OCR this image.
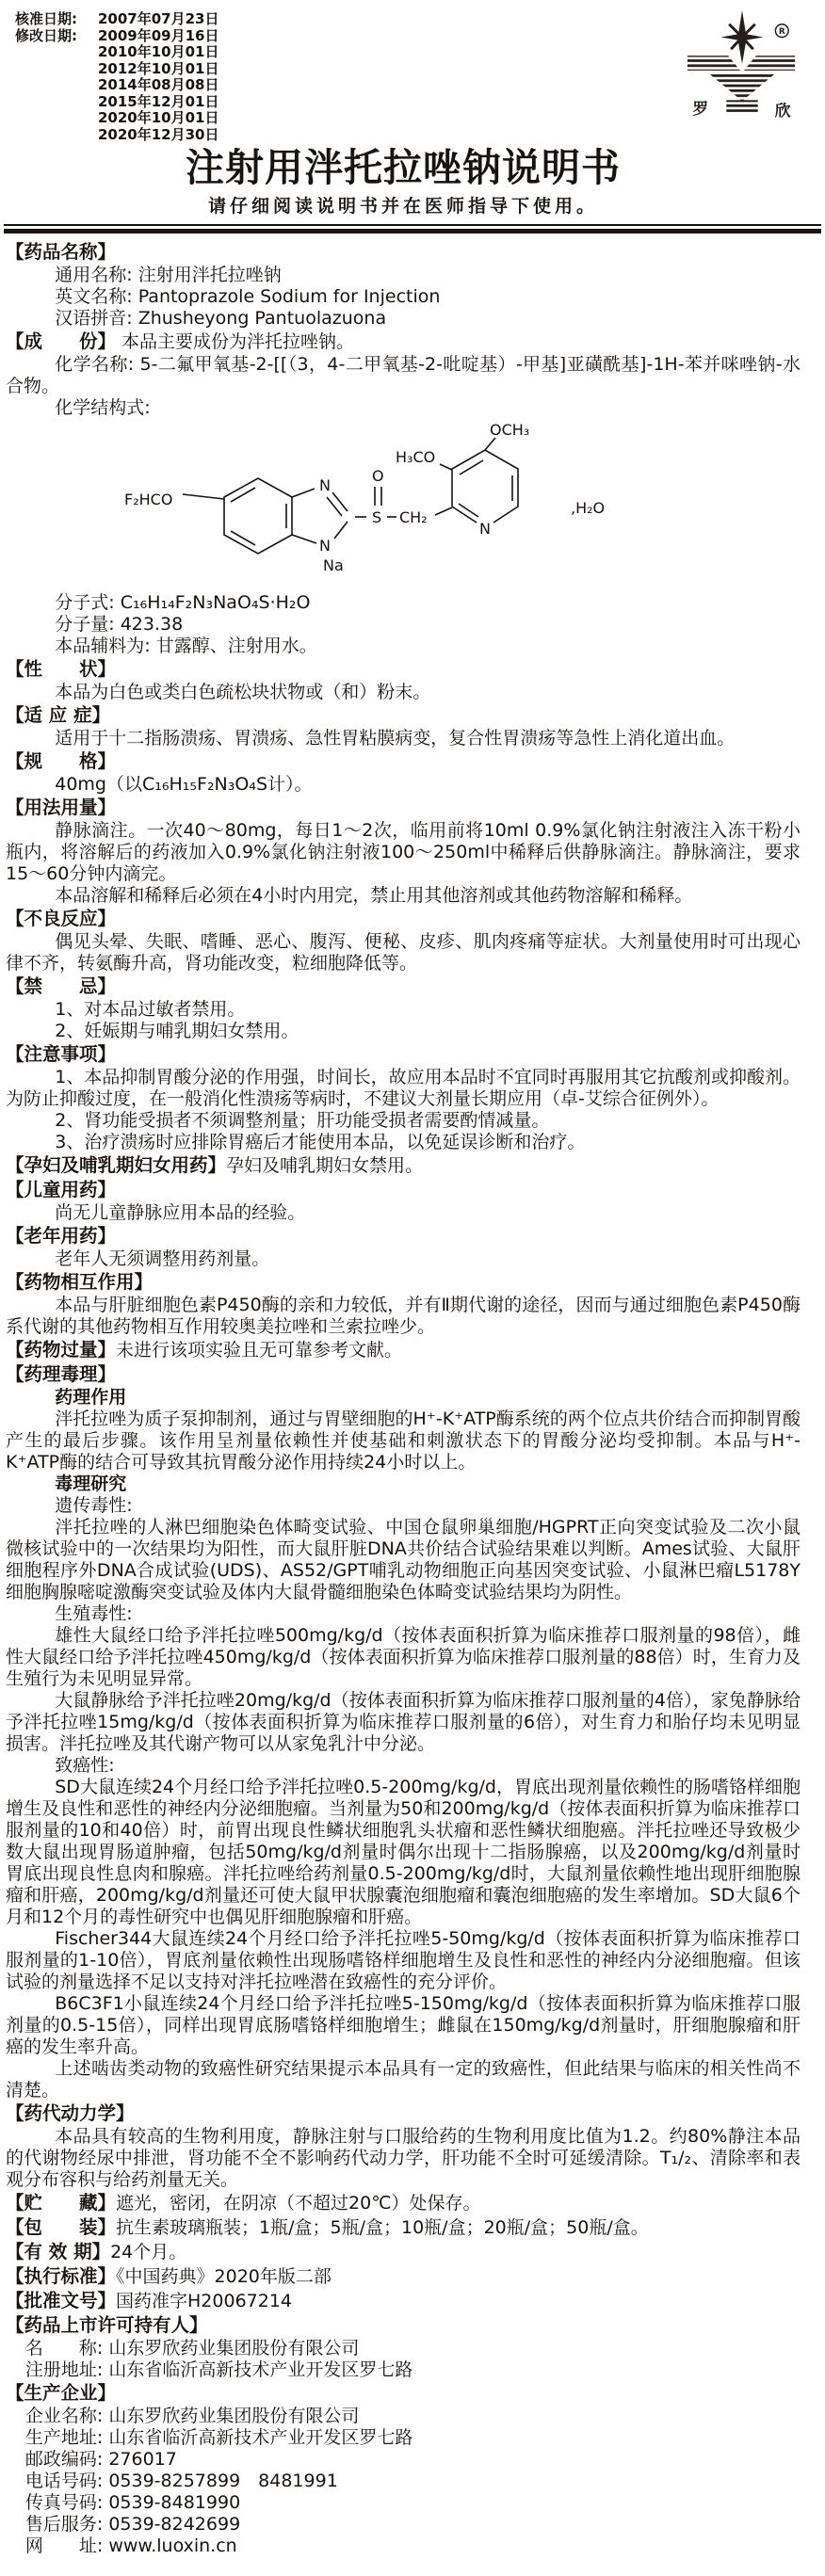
核准日期:	2007年07月23日
修改日期:	2009年09月16日
2010年10月01日
2012年10月01日
2014年08月08日
2015年12月01日
2020年10月01日
2020年12月30日
R
罗	欣
注射用泮托拉唑钠说明书
请仔细阅读说明书并在医师指导下使用。
【药品名称】

通用名称: 注射用泮托拉唑钠

英文名称: Pantoprazole Sodium for Injection

汉语拼音: Zhusheyong Pantuolazuona

【成　　份】 本品主要成份为泮托拉唑钠。

化学名称: 5-二氟甲氧基-2-[[（3，4-二甲氧基-2-吡啶基）-甲基]亚磺酰基]-1H-苯并咪唑钠-水合物。

化学结构式:

F₂HCO
N
N
Na
S
O
CH₂
N
H₃CO
OCH₃
,H₂O

分子式: C₁₆H₁₄F₂N₃NaO₄S·H₂O

分子量: 423.38

本品辅料为: 甘露醇、注射用水。

【性　　状】

本品为白色或类白色疏松块状物或（和）粉末。

【适 应 症】

适用于十二指肠溃疡、胃溃疡、急性胃粘膜病变，复合性胃溃疡等急性上消化道出血。

【规　　格】

40mg（以C₁₆H₁₅F₂N₃O₄S计）。

【用法用量】

静脉滴注。一次40～80mg，每日1～2次，临用前将10ml 0.9%氯化钠注射液注入冻干粉小瓶内，将溶解后的药液加入0.9%氯化钠注射液100～250ml中稀释后供静脉滴注。静脉滴注，要求15～60分钟内滴完。

本品溶解和稀释后必须在4小时内用完，禁止用其他溶剂或其他药物溶解和稀释。

【不良反应】

偶见头晕、失眠、嗜睡、恶心、腹泻、便秘、皮疹、肌肉疼痛等症状。大剂量使用时可出现心律不齐，转氨酶升高，肾功能改变，粒细胞降低等。

【禁　　忌】

1、对本品过敏者禁用。

2、妊娠期与哺乳期妇女禁用。

【注意事项】

1、本品抑制胃酸分泌的作用强，时间长，故应用本品时不宜同时再服用其它抗酸剂或抑酸剂。为防止抑酸过度，在一般消化性溃疡等病时，不建议大剂量长期应用（卓-艾综合征例外）。

2、肾功能受损者不须调整剂量；肝功能受损者需要酌情减量。

3、治疗溃疡时应排除胃癌后才能使用本品，以免延误诊断和治疗。

【孕妇及哺乳期妇女用药】孕妇及哺乳期妇女禁用。
【儿童用药】

尚无儿童静脉应用本品的经验。

【老年用药】

老年人无须调整用药剂量。

【药物相互作用】

本品与肝脏细胞色素P450酶的亲和力较低，并有Ⅱ期代谢的途径，因而与通过细胞色素P450酶系代谢的其他药物相互作用较奥美拉唑和兰索拉唑少。

【药物过量】未进行该项实验且无可靠参考文献。
【药理毒理】

药理作用

泮托拉唑为质子泵抑制剂，通过与胃壁细胞的H⁺-K⁺ATP酶系统的两个位点共价结合而抑制胃酸产生的最后步骤。该作用呈剂量依赖性并使基础和刺激状态下的胃酸分泌均受抑制。本品与H⁺-K⁺ATP酶的结合可导致其抗胃酸分泌作用持续24小时以上。

毒理研究

遗传毒性:

泮托拉唑的人淋巴细胞染色体畸变试验、中国仓鼠卵巢细胞/HGPRT正向突变试验及二次小鼠微核试验中的一次结果均为阳性，而大鼠肝脏DNA共价结合试验结果难以判断。Ames试验、大鼠肝细胞程序外DNA合成试验(UDS)、AS52/GPT哺乳动物细胞正向基因突变试验、小鼠淋巴瘤L5178Y细胞胸腺嘧啶激酶突变试验及体内大鼠骨髓细胞染色体畸变试验结果均为阴性。

生殖毒性:

雄性大鼠经口给予泮托拉唑500mg/kg/d（按体表面积折算为临床推荐口服剂量的98倍），雌性大鼠经口给予泮托拉唑450mg/kg/d（按体表面积折算为临床推荐口服剂量的88倍）时，生育力及生殖行为未见明显异常。

大鼠静脉给予泮托拉唑20mg/kg/d（按体表面积折算为临床推荐口服剂量的4倍），家兔静脉给予泮托拉唑15mg/kg/d（按体表面积折算为临床推荐口服剂量的6倍），对生育力和胎仔均未见明显损害。泮托拉唑及其代谢产物可以从家兔乳汁中分泌。

致癌性:

SD大鼠连续24个月经口给予泮托拉唑0.5-200mg/kg/d，胃底出现剂量依赖性的肠嗜铬样细胞增生及良性和恶性的神经内分泌细胞瘤。当剂量为50和200mg/kg/d（按体表面积折算为临床推荐口服剂量的10和40倍）时，前胃出现良性鳞状细胞乳头状瘤和恶性鳞状细胞癌。泮托拉唑还导致极少数大鼠出现胃肠道肿瘤，包括50mg/kg/d剂量时偶尔出现十二指肠腺癌，以及200mg/kg/d剂量时胃底出现良性息肉和腺癌。泮托拉唑给药剂量0.5-200mg/kg/d时，大鼠剂量依赖性地出现肝细胞腺瘤和肝癌，200mg/kg/d剂量还可使大鼠甲状腺囊泡细胞瘤和囊泡细胞癌的发生率增加。SD大鼠6个月和12个月的毒性研究中也偶见肝细胞腺瘤和肝癌。

Fischer344大鼠连续24个月经口给予泮托拉唑5-50mg/kg/d（按体表面积折算为临床推荐口服剂量的1-10倍），胃底剂量依赖性出现肠嗜铬样细胞增生及良性和恶性的神经内分泌细胞瘤。但该试验的剂量选择不足以支持对泮托拉唑潜在致癌性的充分评价。

B6C3F1小鼠连续24个月经口给予泮托拉唑5-150mg/kg/d（按体表面积折算为临床推荐口服剂量的0.5-15倍），同样出现胃底肠嗜铬样细胞增生；雌鼠在150mg/kg/d剂量时，肝细胞腺瘤和肝癌的发生率升高。

上述啮齿类动物的致癌性研究结果提示本品具有一定的致癌性，但此结果与临床的相关性尚不清楚。

【药代动力学】

本品具有较高的生物利用度，静脉注射与口服给药的生物利用度比值为1.2。约80%静注本品的代谢物经尿中排泄，肾功能不全不影响药代动力学，肝功能不全时可延缓清除。T₁/₂、清除率和表观分布容积与给药剂量无关。

【贮　　藏】遮光，密闭，在阴凉（不超过20℃）处保存。
【包　　装】抗生素玻璃瓶装；1瓶/盒；5瓶/盒；10瓶/盒；20瓶/盒；50瓶/盒。
【有 效 期】24个月。
【执行标准】《中国药典》2020年版二部
【批准文号】国药准字H20067214
【药品上市许可持有人】

名　　称: 山东罗欣药业集团股份有限公司

注册地址: 山东省临沂高新技术产业开发区罗七路

【生产企业】

企业名称: 山东罗欣药业集团股份有限公司

生产地址: 山东省临沂高新技术产业开发区罗七路

邮政编码: 276017

电话号码: 0539-8257899　8481991

传真号码: 0539-8481990

售后服务: 0539-8242699

网　　址: www.luoxin.cn
